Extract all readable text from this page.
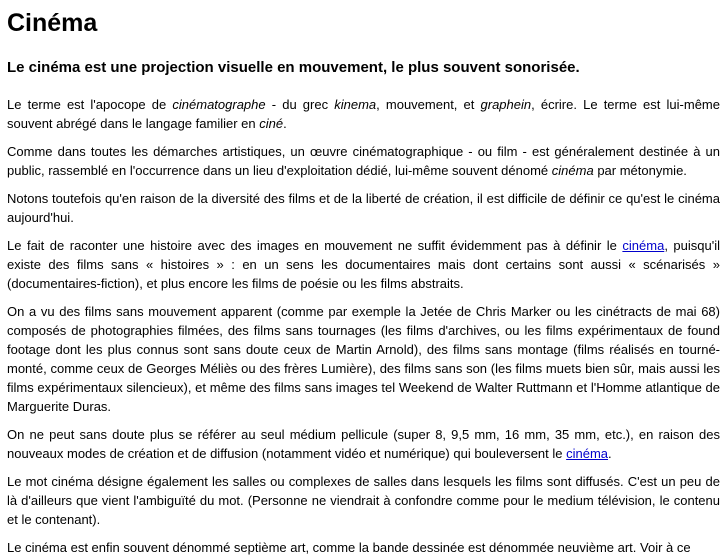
Cinéma
Le cinéma est une projection visuelle en mouvement, le plus souvent sonorisée.

Le terme est l'apocope de cinématographe - du grec kinema, mouvement, et graphein, écrire. Le terme est lui-même souvent abrégé dans le langage familier en ciné.

Comme dans toutes les démarches artistiques, un œuvre cinématographique - ou film - est généralement destinée à un public, rassemblé en l'occurrence dans un lieu d'exploitation dédié, lui-même souvent dénomé cinéma par métonymie.

Notons toutefois qu'en raison de la diversité des films et de la liberté de création, il est difficile de définir ce qu'est le cinéma aujourd'hui.

Le fait de raconter une histoire avec des images en mouvement ne suffit évidemment pas à définir le cinéma, puisqu'il existe des films sans « histoires » : en un sens les documentaires mais dont certains sont aussi « scénarisés » (documentaires-fiction), et plus encore les films de poésie ou les films abstraits.

On a vu des films sans mouvement apparent (comme par exemple la Jetée de Chris Marker ou les cinétracts de mai 68) composés de photographies filmées, des films sans tournages (les films d'archives, ou les films expérimentaux de found footage dont les plus connus sont sans doute ceux de Martin Arnold), des films sans montage (films réalisés en tourné-monté, comme ceux de Georges Méliès ou des frères Lumière), des films sans son (les films muets bien sûr, mais aussi les films expérimentaux silencieux), et même des films sans images tel Weekend de Walter Ruttmann et l'Homme atlantique de Marguerite Duras.

On ne peut sans doute plus se référer au seul médium pellicule (super 8, 9,5 mm, 16 mm, 35 mm, etc.), en raison des nouveaux modes de création et de diffusion (notamment vidéo et numérique) qui bouleversent le cinéma.

Le mot cinéma désigne également les salles ou complexes de salles dans lesquels les films sont diffusés. C'est un peu de là d'ailleurs que vient l'ambiguïté du mot. (Personne ne viendrait à confondre comme pour le medium télévision, le contenu et le contenant).

Le cinéma est enfin souvent dénommé septième art, comme la bande dessinée est dénommée neuvième art. Voir à ce
